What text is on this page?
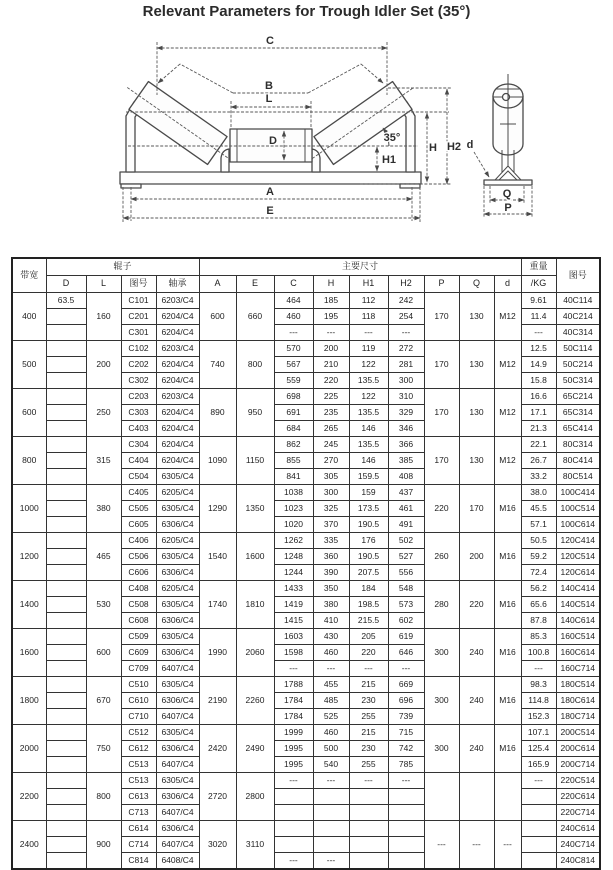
Relevant Parameters for Trough Idler Set (35°)
C
B
L
D
H1
35°
H H2
A
E
d
Q
P
带宽	辊子				主要尺寸									重量	图号
	D	L	图号	轴承	A	E	C	H	H1	H2	P	Q	d	/KG	
400	63.5	160	C101	6203/C4	600	660	464	185	112	242	170	130	M12	9.61	40C114
			C201	6204/C4			460	195	118	254				11.4	40C214
			C301	6204/C4			---	---	---	---				---	40C314
500		200	C102	6203/C4	740	800	570	200	119	272	170	130	M12	12.5	50C114
			C202	6204/C4			567	210	122	281				14.9	50C214
			C302	6204/C4			559	220	135.5	300				15.8	50C314
600		250	C203	6203/C4	890	950	698	225	122	310	170	130	M12	16.6	65C214
			C303	6204/C4			691	235	135.5	329				17.1	65C314
			C403	6204/C4			684	265	146	346				21.3	65C414
800		315	C304	6204/C4	1090	1150	862	245	135.5	366	170	130	M12	22.1	80C314
			C404	6204/C4			855	270	146	385				26.7	80C414
			C504	6305/C4			841	305	159.5	408				33.2	80C514
1000		380	C405	6205/C4	1290	1350	1038	300	159	437	220	170	M16	38.0	100C414
			C505	6305/C4			1023	325	173.5	461				45.5	100C514
			C605	6306/C4			1020	370	190.5	491				57.1	100C614
1200		465	C406	6205/C4	1540	1600	1262	335	176	502	260	200	M16	50.5	120C414
			C506	6305/C4			1248	360	190.5	527				59.2	120C514
			C606	6306/C4			1244	390	207.5	556				72.4	120C614
1400		530	C408	6205/C4	1740	1810	1433	350	184	548	280	220	M16	56.2	140C414
			C508	6305/C4			1419	380	198.5	573				65.6	140C514
			C608	6306/C4			1415	410	215.5	602				87.8	140C614
1600		600	C509	6305/C4	1990	2060	1603	430	205	619	300	240	M16	85.3	160C514
			C609	6306/C4			1598	460	220	646				100.8	160C614
			C709	6407/C4			---	---	---	---				---	160C714
1800		670	C510	6305/C4	2190	2260	1788	455	215	669	300	240	M16	98.3	180C514
			C610	6306/C4			1784	485	230	696				114.8	180C614
			C710	6407/C4			1784	525	255	739				152.3	180C714
2000		750	C512	6305/C4	2420	2490	1999	460	215	715	300	240	M16	107.1	200C514
			C612	6306/C4			1995	500	230	742				125.4	200C614
			C513	6407/C4			1995	540	255	785				165.9	200C714
2200		800	C513	6305/C4	2720	2800	---	---	---	---				---	220C514
			C613	6306/C4											220C614
			C713	6407/C4											220C714
2400		900	C614	6306/C4	3020	3110					---	---	---		240C614
			C714	6407/C4											240C714
			C814	6408/C4			---	---							240C814
